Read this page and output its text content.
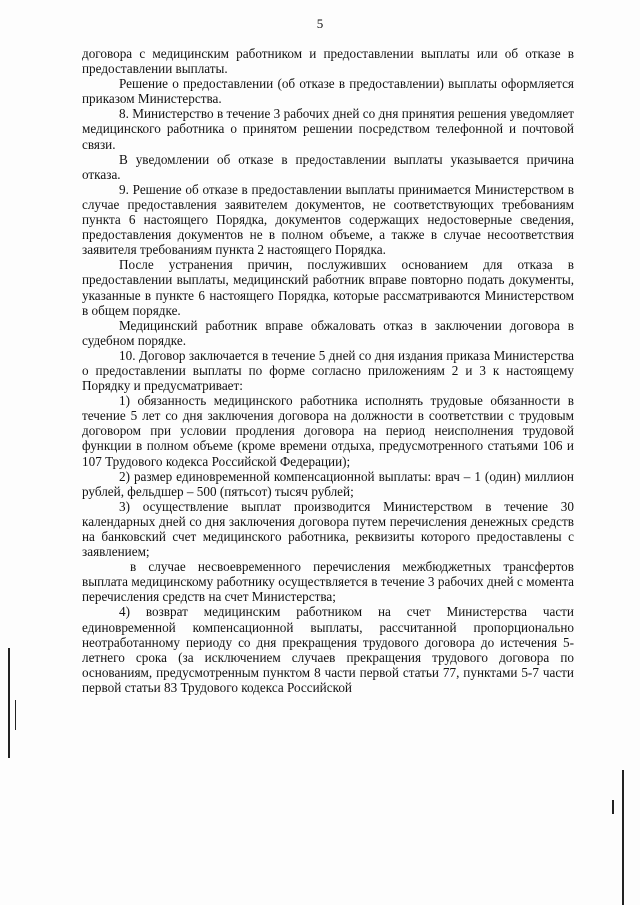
5

договора с медицинским работником и предоставлении выплаты или об отказе в предоставлении выплаты.

Решение о предоставлении (об отказе в предоставлении) выплаты оформляется приказом Министерства.

8. Министерство в течение 3 рабочих дней со дня принятия решения уведомляет медицинского работника о принятом решении посредством телефонной и почтовой связи.

В уведомлении об отказе в предоставлении выплаты указывается причина отказа.

9. Решение об отказе в предоставлении выплаты принимается Министерством в случае предоставления заявителем документов, не соответствующих требованиям пункта 6 настоящего Порядка, документов содержащих недостоверные сведения, предоставления документов не в полном объеме, а также в случае несоответствия заявителя требованиям пункта 2 настоящего Порядка.

После устранения причин, послуживших основанием для отказа в предоставлении выплаты, медицинский работник вправе повторно подать документы, указанные в пункте 6 настоящего Порядка, которые рассматриваются Министерством в общем порядке.

Медицинский работник вправе обжаловать отказ в заключении договора в судебном порядке.

10. Договор заключается в течение 5 дней со дня издания приказа Министерства о предоставлении выплаты по форме согласно приложениям 2 и 3 к настоящему Порядку и предусматривает:

1) обязанность медицинского работника исполнять трудовые обязанности в течение 5 лет со дня заключения договора на должности в соответствии с трудовым договором при условии продления договора на период неисполнения трудовой функции в полном объеме (кроме времени отдыха, предусмотренного статьями 106 и 107 Трудового кодекса Российской Федерации);

2) размер единовременной компенсационной выплаты: врач – 1 (один) миллион рублей, фельдшер – 500 (пятьсот) тысяч рублей;

3) осуществление выплат производится Министерством в течение 30 календарных дней со дня заключения договора путем перечисления денежных средств на банковский счет медицинского работника, реквизиты которого предоставлены с заявлением;

в случае несвоевременного перечисления межбюджетных трансфертов выплата медицинскому работнику осуществляется в течение 3 рабочих дней с момента перечисления средств на счет Министерства;

4) возврат медицинским работником на счет Министерства части единовременной компенсационной выплаты, рассчитанной пропорционально неотработанному периоду со дня прекращения трудового договора до истечения 5-летнего срока (за исключением случаев прекращения трудового договора по основаниям, предусмотренным пунктом 8 части первой статьи 77, пунктами 5-7 части первой статьи 83 Трудового кодекса Российской
